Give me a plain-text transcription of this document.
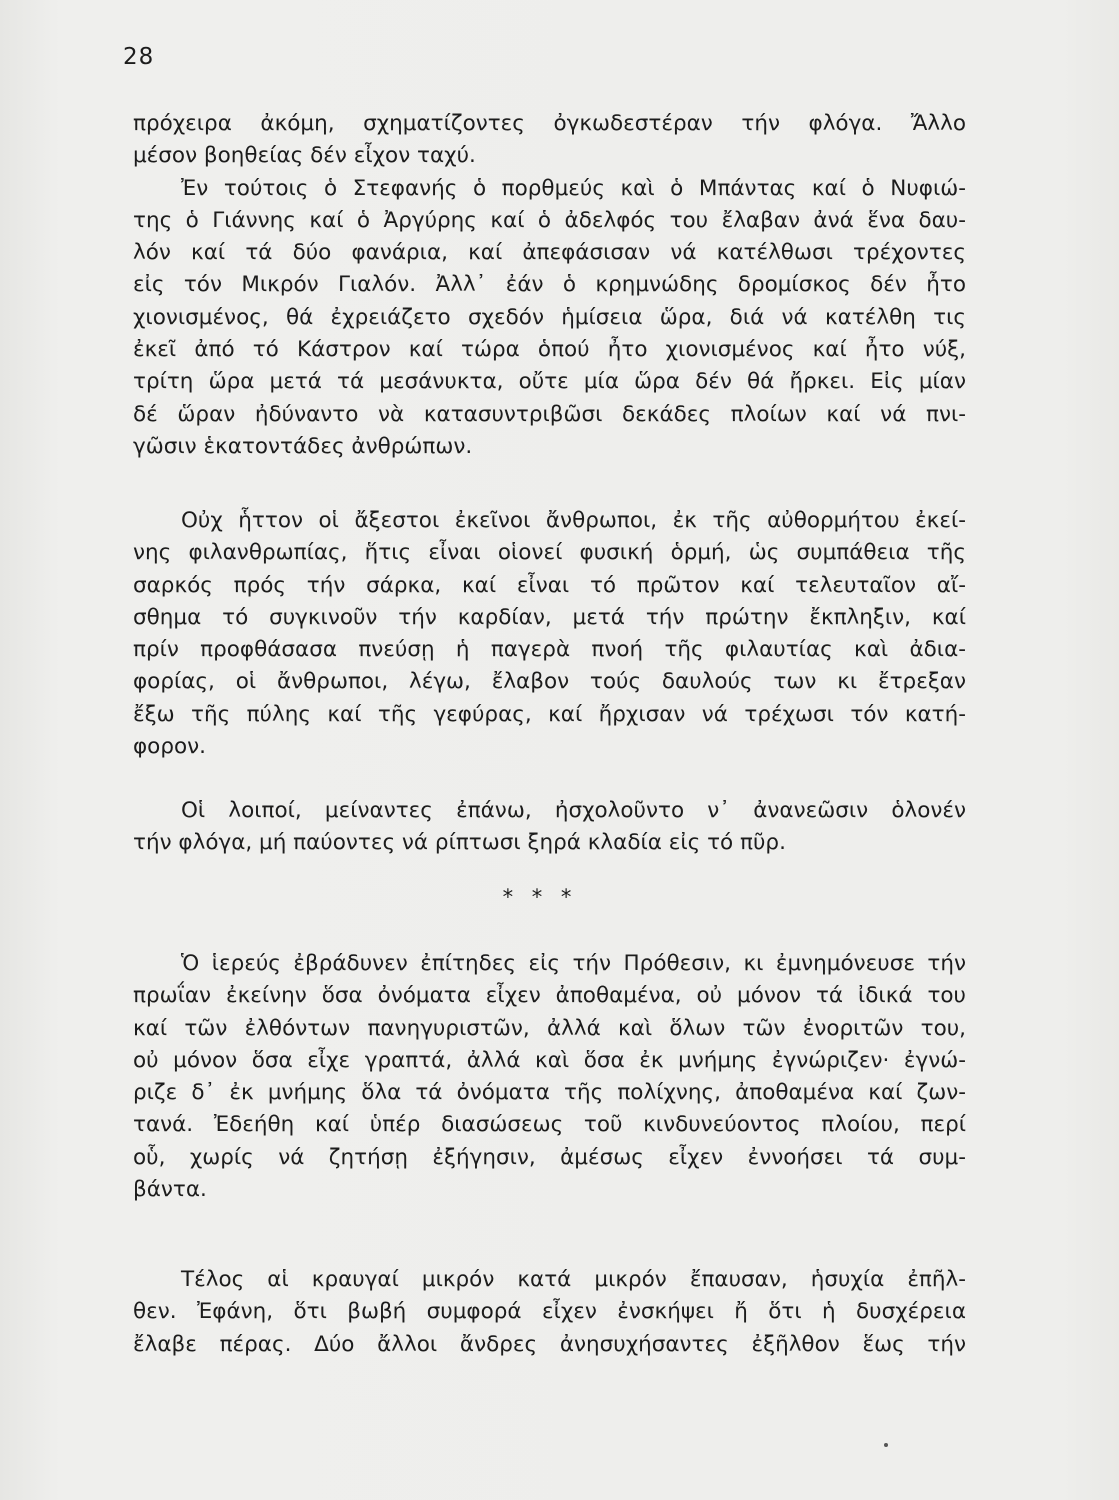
28
πρόχειρα ἀκόμη, σχηματίζοντες ὀγκωδεστέραν τήν φλόγα. Ἄλλο
μέσον βοηθείας δέν εἶχον ταχύ.
Ἐν τούτοις ὁ Στεφανής ὁ πορθμεύς καὶ ὁ Μπάντας καί ὁ Νυφιώ-
της ὁ Γιάννης καί ὁ Ἀργύρης καί ὁ ἀδελφός του ἔλαβαν ἀνά ἕνα δαυ-
λόν καί τά δύο φανάρια, καί ἀπεφάσισαν νά κατέλθωσι τρέχοντες
εἰς τόν Μικρόν Γιαλόν. Ἀλλ᾿ ἐάν ὁ κρημνώδης δρομίσκος δέν ἦτο
χιονισμένος, θά ἐχρειάζετο σχεδόν ἡμίσεια ὥρα, διά νά κατέλθη τις
ἐκεῖ ἀπό τό Κάστρον καί τώρα ὁπού ἦτο χιονισμένος καί ἦτο νύξ,
τρίτη ὥρα μετά τά μεσάνυκτα, οὔτε μία ὥρα δέν θά ἤρκει. Εἰς μίαν
δέ ὥραν ἠδύναντο νὰ κατασυντριβῶσι δεκάδες πλοίων καί νά πνι-
γῶσιν ἑκατοντάδες ἀνθρώπων.
Οὐχ ἧττον οἱ ἄξεστοι ἐκεῖνοι ἄνθρωποι, ἐκ τῆς αὐθορμήτου ἐκεί-
νης φιλανθρωπίας, ἥτις εἶναι οἱονεί φυσική ὁρμή, ὡς συμπάθεια τῆς
σαρκός πρός τήν σάρκα, καί εἶναι τό πρῶτον καί τελευταῖον αἴ-
σθημα τό συγκινοῦν τήν καρδίαν, μετά τήν πρώτην ἔκπληξιν, καί
πρίν προφθάσασα πνεύσῃ ἡ παγερὰ πνοή τῆς φιλαυτίας καὶ ἀδια-
φορίας, οἱ ἄνθρωποι, λέγω, ἔλαβον τούς δαυλούς των κι ἔτρεξαν
ἔξω τῆς πύλης καί τῆς γεφύρας, καί ἤρχισαν νά τρέχωσι τόν κατή-
φορον.
Οἱ λοιποί, μείναντες ἐπάνω, ἠσχολοῦντο ν᾿ ἀνανεῶσιν ὁλονέν
τήν φλόγα, μή παύοντες νά ρίπτωσι ξηρά κλαδία εἰς τό πῦρ.
* * *
Ὁ ἱερεύς ἐβράδυνεν ἐπίτηδες εἰς τήν Πρόθεσιν, κι ἐμνημόνευσε τήν
πρωΐαν ἐκείνην ὅσα ὀνόματα εἶχεν ἀποθαμένα, οὐ μόνον τά ἰδικά του
καί τῶν ἐλθόντων πανηγυριστῶν, ἀλλά καὶ ὅλων τῶν ἐνοριτῶν του,
οὐ μόνον ὅσα εἶχε γραπτά, ἀλλά καὶ ὅσα ἐκ μνήμης ἐγνώριζεν· ἐγνώ-
ριζε δ᾿ ἐκ μνήμης ὅλα τά ὀνόματα τῆς πολίχνης, ἀποθαμένα καί ζων-
τανά. Ἐδεήθη καί ὑπέρ διασώσεως τοῦ κινδυνεύοντος πλοίου, περί
οὗ, χωρίς νά ζητήσῃ ἐξήγησιν, ἀμέσως εἶχεν ἐννοήσει τά συμ-
βάντα.
Τέλος αἱ κραυγαί μικρόν κατά μικρόν ἔπαυσαν, ἡσυχία ἐπῆλ-
θεν. Ἐφάνη, ὅτι βωβή συμφορά εἶχεν ἐνσκήψει ἤ ὅτι ἡ δυσχέρεια
ἔλαβε πέρας. Δύο ἄλλοι ἄνδρες ἀνησυχήσαντες ἐξῆλθον ἕως τήν
